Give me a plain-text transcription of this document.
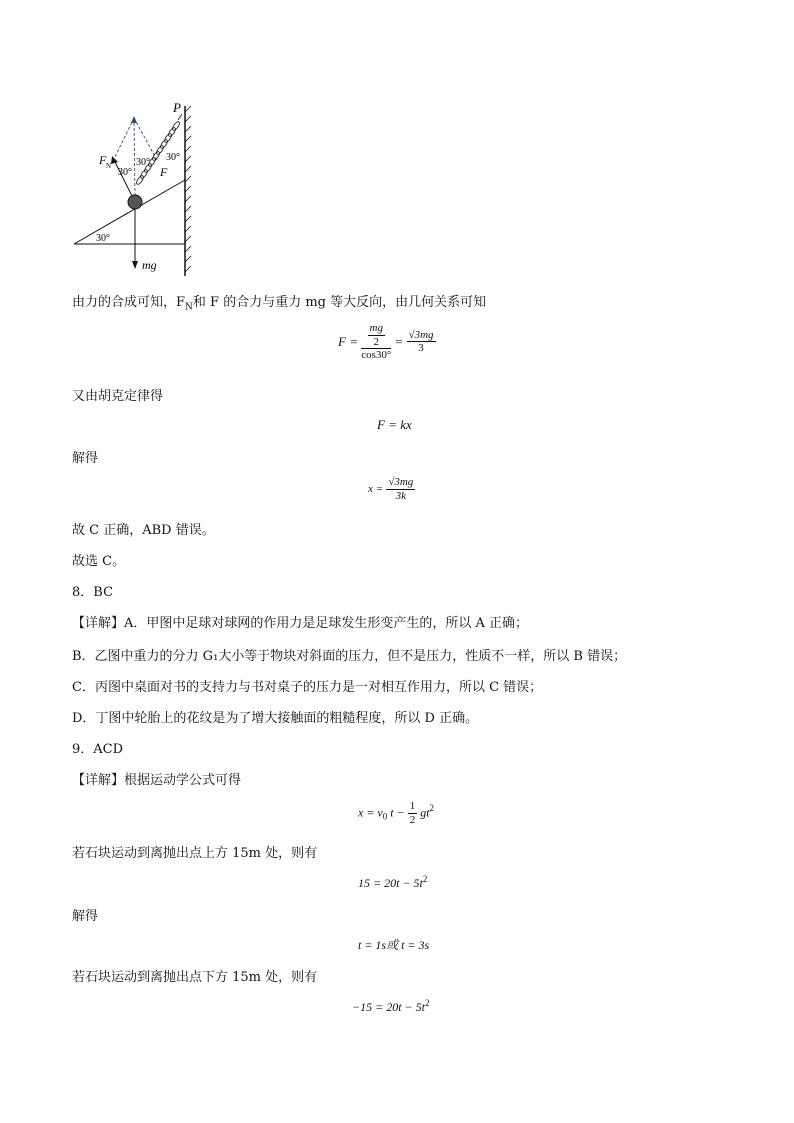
P
F N	F
30°
30° 30°
30°
mg
由力的合成可知，$F_N$和 F 的合力与重力 mg 等大反向，由几何关系可知
$F = \frac{\frac{mg}{2}}{\cos 30^\circ} = \frac{√3mg}{3}$
又由胡克定律得
F = kx
解得
$x = \frac{√3mg}{3k}$
故 C 正确，ABD 错误。
故选 C。
8．BC
【详解】A．甲图中足球对球网的作用力是足球发生形变产生的，所以 A 正确；
B．乙图中重力的分力 G₁大小等于物块对斜面的压力，但不是压力，性质不一样，所以 B 错误；
C．丙图中桌面对书的支持力与书对桌子的压力是一对相互作用力，所以 C 错误；
D．丁图中轮胎上的花纹是为了增大接触面的粗糙程度，所以 D 正确。
9．ACD
【详解】根据运动学公式可得
$x = v_0$ $t - \frac{1}{2} gt^2$
若石块运动到离抛出点上方 15m 处，则有
$15 = 20t - 5t^2$
解得
t = 1s或 t = 3s
若石块运动到离抛出点下方 15m 处，则有
$-15 = 20t - 5t^2$
